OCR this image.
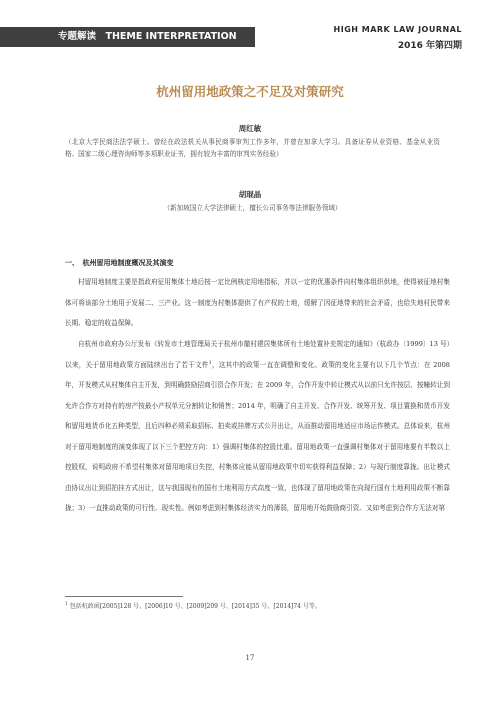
专题解读　THEME INTERPRETATION
HIGH MARK LAW JOURNAL
2016 年第四期
杭州留用地政策之不足及对策研究
周红敏
（北京大学民商法法学硕士。曾经在政法机关从事民商事审判工作多年，并曾在加拿大学习。具备证券从业资格、基金从业资格、国家二级心理咨询师等多项职业证书，拥有较为丰富的审判实务经验）
胡琨晶
（新加坡国立大学法律硕士，擅长公司事务等法律服务领域）
一、　杭州留用地制度概况及其演变
村留用地制度主要是指政府征用集体土地后按一定比例核定用地指标，并以一定的优惠条件向村集体组织供地，使得被征地村集体可将该部分土地用于发展二、三产业。这一制度为村集体提供了有产权的土地，缓解了因征地带来的社会矛盾，也给失地村民带来长期、稳定的收益保障。
自杭州市政府办公厅发布《转发市土地管理局关于杭州市撤村建居集体所有土地处置补充规定的通知》（杭政办〔1999〕13 号）以来，关于留用地政策方面陆续出台了若干文件$^1$，这其中的政策一直在调整和变化。政策的变化主要有以下几个节点：在 2008 年，开发模式从村集体自主开发，到明确鼓励招商引资合作开发；在 2009 年，合作开发中转让模式从以前只允许按层、按幢转让到允许合作方对持有的房产按最小产权单元分割转让和销售；2014 年，明确了自主开发、合作开发、统筹开发、项目置换和货币开发和留用地货币化五种类型，且后四种必须采取招标、拍卖或挂牌方式公开出让，从而推动留用地适应市场运作模式。总体说来，杭州对于留用地制度的演变体现了以下三个把控方向：1）强调村集体的控股比重。留用地政策一直强调村集体对于留用地要有半数以上控股权，说明政府不希望村集体对留用地项目失控，村集体应能从留用地政策中切实获得利益保障；2）与现行制度靠拢。出让模式由协议出让到招拍挂方式出让，这与我国现有的国有土地利用方式高度一致，也体现了留用地政策在向现行国有土地利用政策不断靠拢；3）一直推动政策的可行性、现实性。例如考虑到村集体经济实力的薄弱，留用地开始鼓励商引资。又如考虑到合作方无法对第
$^1$ 包括杭政函[2005]128 号、[2006]10 号、[2009]209 号、[2014]35 号、[2014]74 号等。
17
